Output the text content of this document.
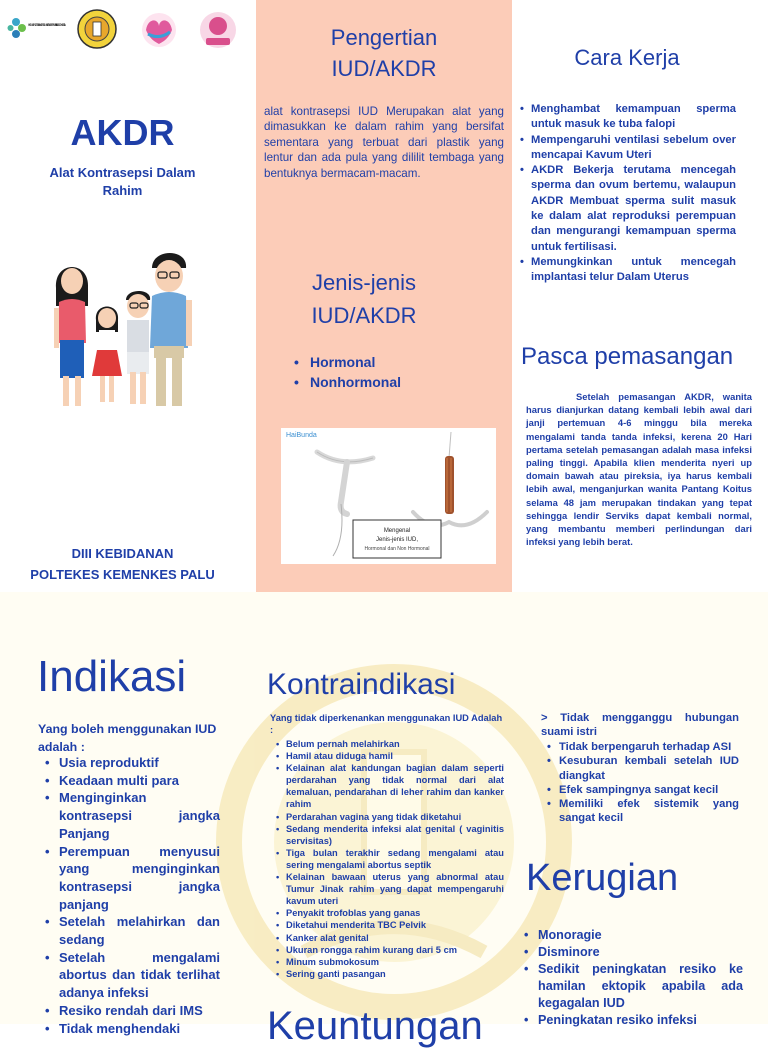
KEMENTERIAN KESEHATAN REPUBLIK INDONESIA
AKDR
Alat Kontrasepsi Dalam Rahim
DIII KEBIDANAN
POLTEKES KEMENKES PALU
Pengertian
IUD/AKDR
alat kontrasepsi IUD Merupakan alat yang dimasukkan ke dalam rahim yang bersifat sementara yang terbuat dari plastik yang lentur dan ada pula yang dililit tembaga yang bentuknya bermacam-macam.
Jenis-jenis
IUD/AKDR
• Hormonal
• Nonhormonal
HaiBunda
Mengenal
Jenis-jenis IUD,
Hormonal dan Non Hormonal
Cara Kerja
• Menghambat kemampuan sperma untuk masuk ke tuba falopi
• Mempengaruhi ventilasi sebelum over mencapai Kavum Uteri
• AKDR Bekerja terutama mencegah sperma dan ovum bertemu, walaupun AKDR Membuat sperma sulit masuk ke dalam alat reproduksi perempuan dan mengurangi kemampuan sperma untuk fertilisasi.
• Memungkinkan untuk mencegah implantasi telur Dalam Uterus
Pasca pemasangan
Setelah pemasangan AKDR, wanita harus dianjurkan datang kembali lebih awal dari janji pertemuan 4-6 minggu bila mereka mengalami tanda tanda infeksi, kerena 20 Hari pertama setelah pemasangan adalah masa infeksi paling tinggi. Apabila klien menderita nyeri up domain bawah atau pireksia, iya harus kembali lebih awal, menganjurkan wanita Pantang Koitus selama 48 jam merupakan tindakan yang tepat sehingga lendir Serviks dapat kembali normal, yang membantu memberi perlindungan dari infeksi yang lebih berat.
Indikasi
Yang boleh menggunakan IUD adalah :
• Usia reproduktif
• Keadaan multi para
• Menginginkan kontrasepsi jangka Panjang
• Perempuan menyusui yang menginginkan kontrasepsi jangka panjang
• Setelah melahirkan dan sedang
• Setelah mengalami abortus dan tidak terlihat adanya infeksi
• Resiko rendah dari IMS
• Tidak menghendaki
Kontraindikasi
Yang tidak diperkenankan menggunakan IUD Adalah :
• Belum pernah melahirkan
• Hamil atau diduga hamil
• Kelainan alat kandungan bagian dalam seperti perdarahan yang tidak normal dari alat kemaluan, pendarahan di leher rahim dan kanker rahim
• Perdarahan vagina yang tidak diketahui
• Sedang menderita infeksi alat genital ( vaginitis servisitas)
• Tiga bulan terakhir sedang mengalami atau sering mengalami abortus septik
• Kelainan bawaan uterus yang abnormal atau Tumur Jinak rahim yang dapat mempengaruhi kavum uteri
• Penyakit trofoblas yang ganas
• Diketahui menderita TBC Pelvik
• Kanker alat genital
• Ukuran rongga rahim kurang dari 5 cm
• Minum submokosum
• Sering ganti pasangan
> Tidak mengganggu hubungan suami istri
• Tidak berpengaruh terhadap ASI
• Kesuburan kembali setelah IUD diangkat
• Efek sampingnya sangat kecil
• Memiliki efek sistemik yang sangat kecil
Kerugian
• Monoragie
• Disminore
• Sedikit peningkatan resiko ke hamilan ektopik apabila ada kegagalan IUD
• Peningkatan resiko infeksi
Keuntungan
